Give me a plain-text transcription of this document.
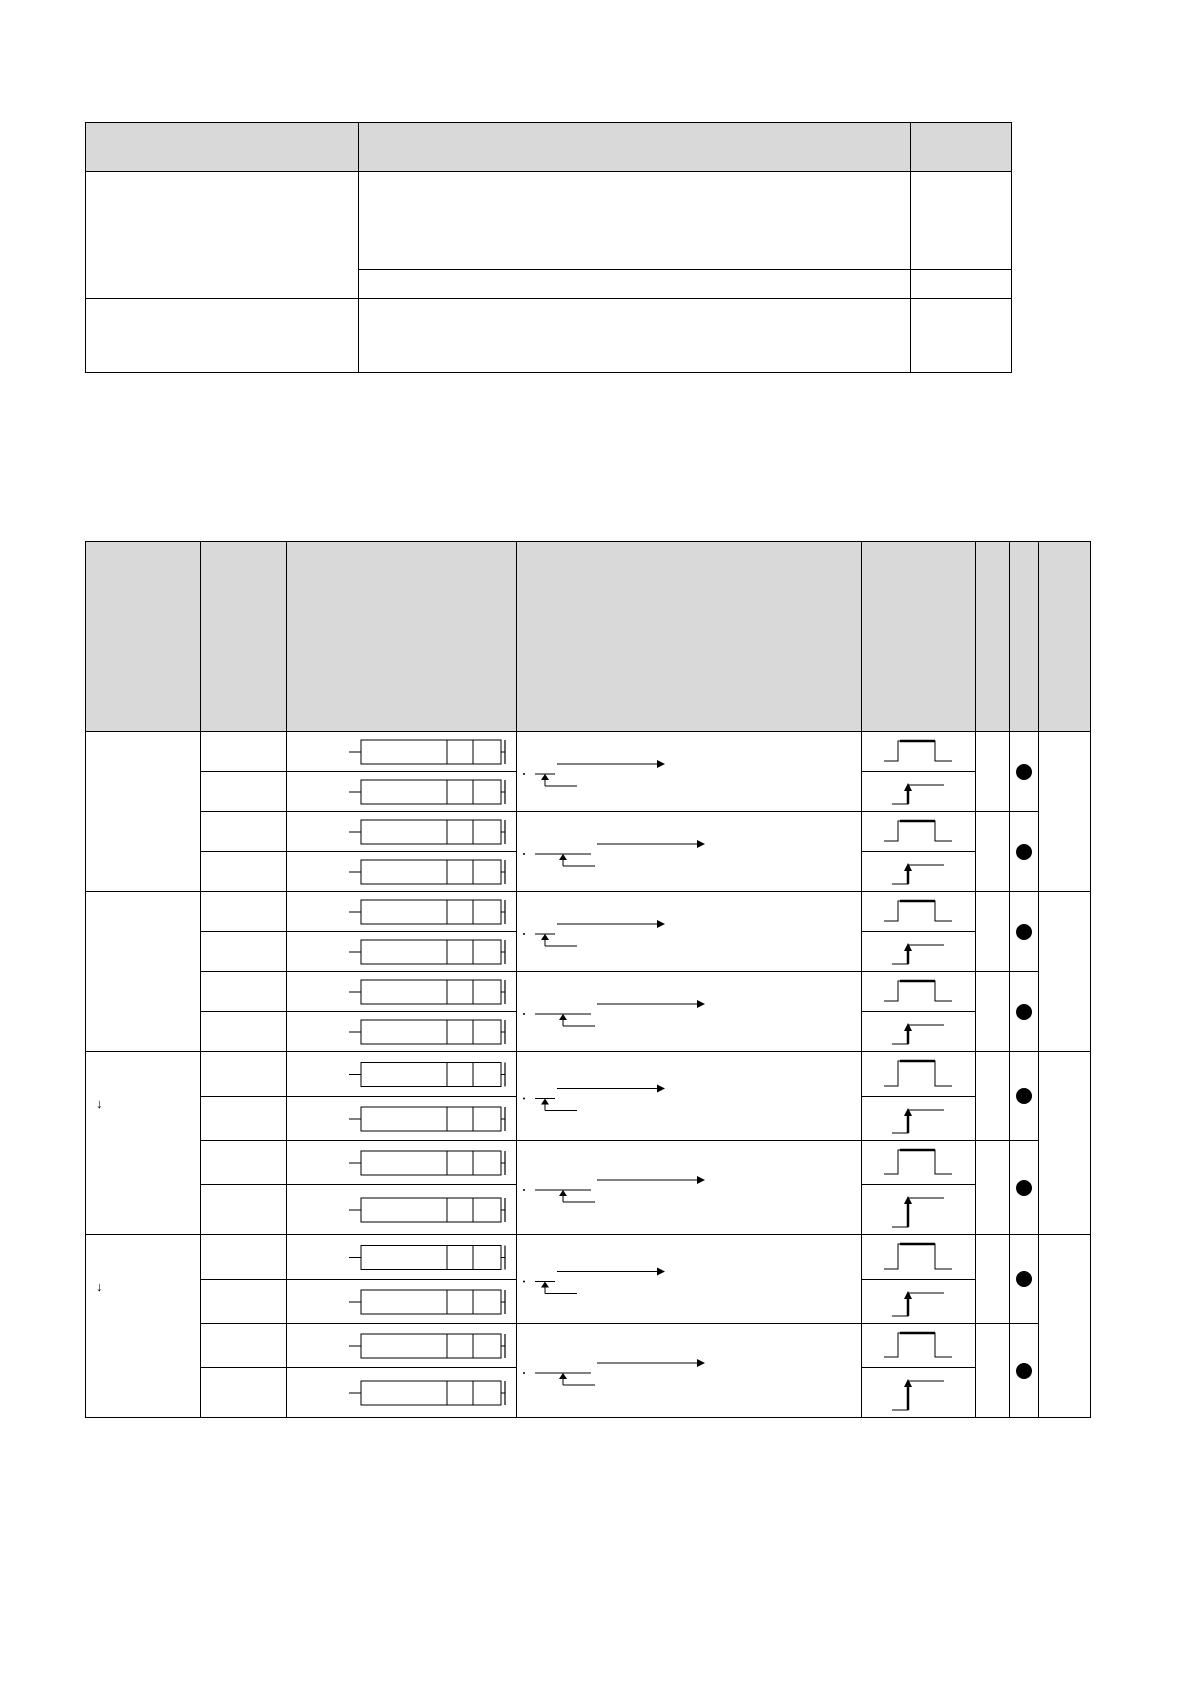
↓

↓
